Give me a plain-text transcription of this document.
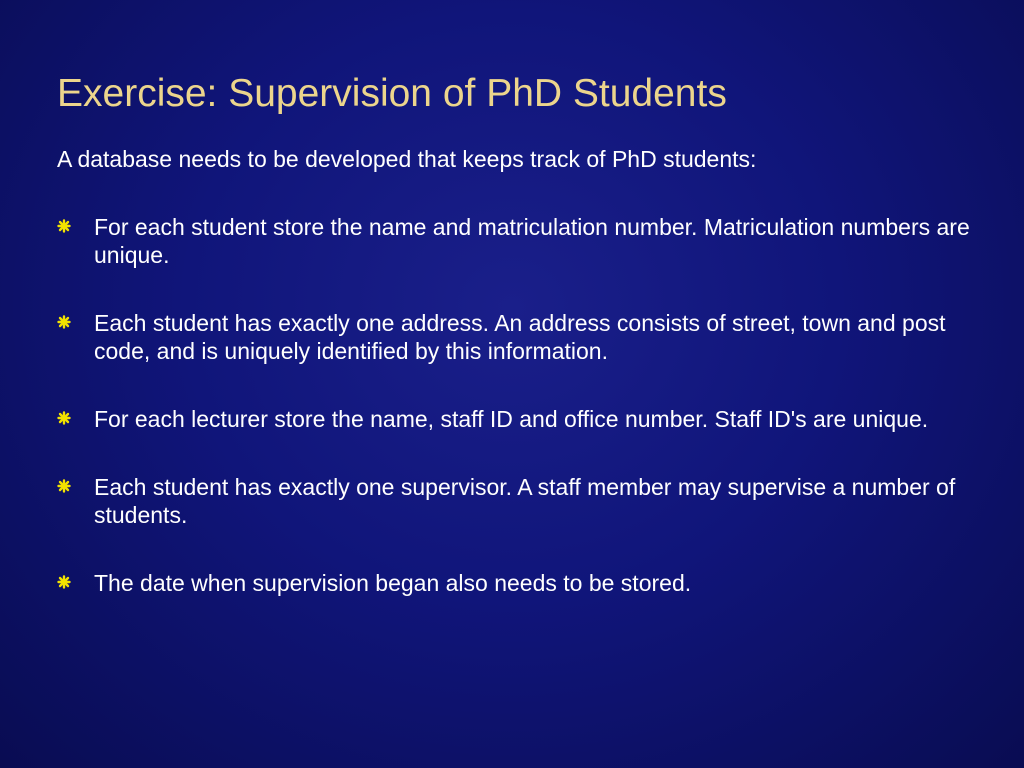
Exercise: Supervision of PhD Students

A database needs to be developed that keeps track of PhD students:

For each student store the name and matriculation number. Matriculation numbers are unique.
Each student has exactly one address. An address consists of street, town and post code, and is uniquely identified by this information.
For each lecturer store the name, staff ID and office number. Staff ID's are unique.
Each student has exactly one supervisor. A staff member may supervise a number of students.
The date when supervision began also needs to be stored.
